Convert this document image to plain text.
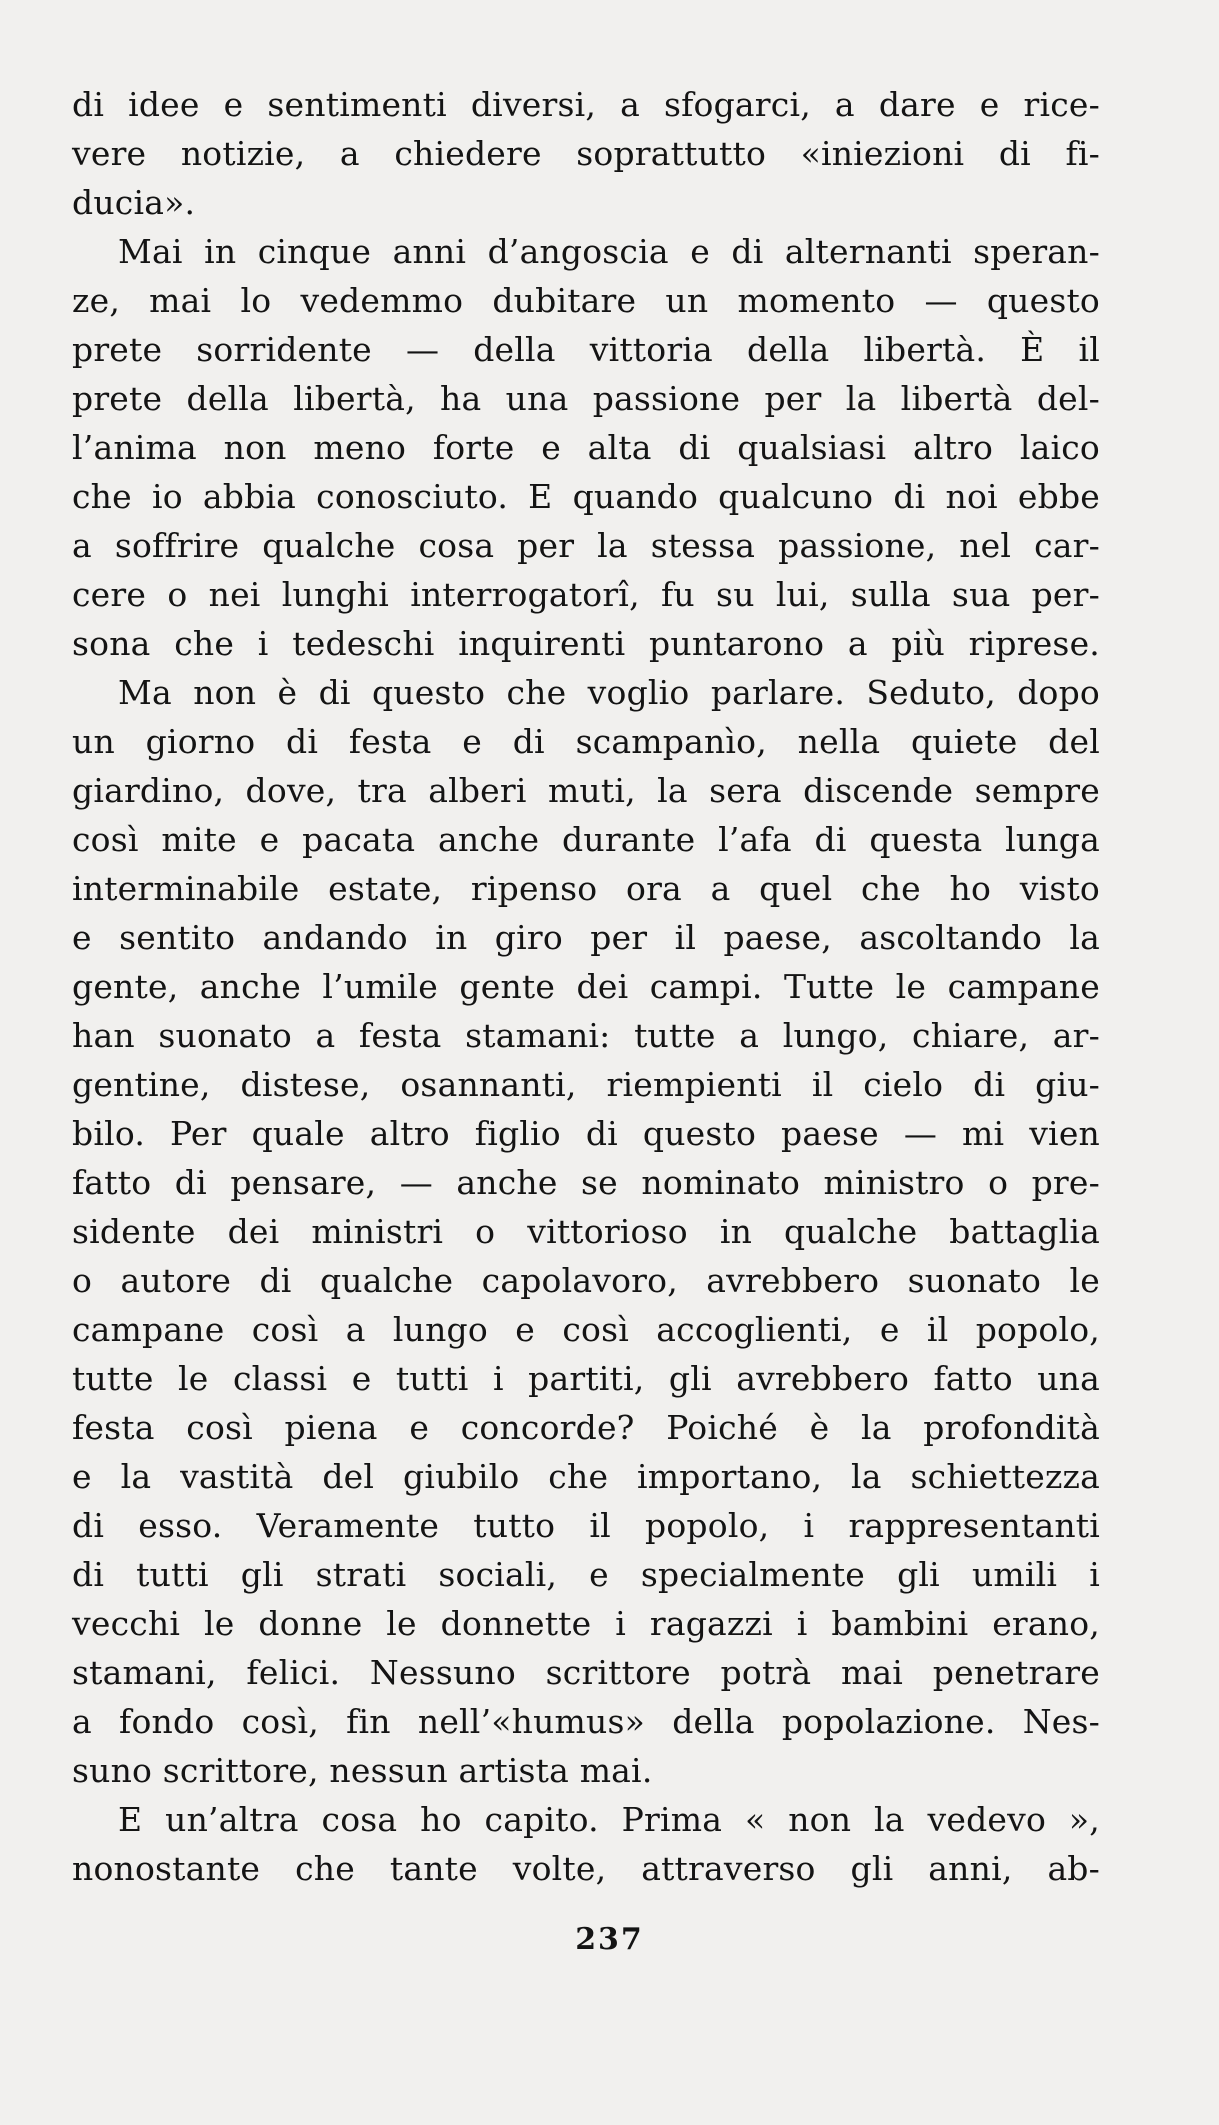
di idee e sentimenti diversi, a sfogarci, a dare e rice-
vere notizie, a chiedere soprattutto «iniezioni di fi-
ducia».
Mai in cinque anni d’angoscia e di alternanti speran-
ze, mai lo vedemmo dubitare un momento — questo
prete sorridente — della vittoria della libertà. È il
prete della libertà, ha una passione per la libertà del-
l’anima non meno forte e alta di qualsiasi altro laico
che io abbia conosciuto. E quando qualcuno di noi ebbe
a soffrire qualche cosa per la stessa passione, nel car-
cere o nei lunghi interrogatorî, fu su lui, sulla sua per-
sona che i tedeschi inquirenti puntarono a più riprese.
Ma non è di questo che voglio parlare. Seduto, dopo
un giorno di festa e di scampanìo, nella quiete del
giardino, dove, tra alberi muti, la sera discende sempre
così mite e pacata anche durante l’afa di questa lunga
interminabile estate, ripenso ora a quel che ho visto
e sentito andando in giro per il paese, ascoltando la
gente, anche l’umile gente dei campi. Tutte le campane
han suonato a festa stamani: tutte a lungo, chiare, ar-
gentine, distese, osannanti, riempienti il cielo di giu-
bilo. Per quale altro figlio di questo paese — mi vien
fatto di pensare, — anche se nominato ministro o pre-
sidente dei ministri o vittorioso in qualche battaglia
o autore di qualche capolavoro, avrebbero suonato le
campane così a lungo e così accoglienti, e il popolo,
tutte le classi e tutti i partiti, gli avrebbero fatto una
festa così piena e concorde? Poiché è la profondità
e la vastità del giubilo che importano, la schiettezza
di esso. Veramente tutto il popolo, i rappresentanti
di tutti gli strati sociali, e specialmente gli umili i
vecchi le donne le donnette i ragazzi i bambini erano,
stamani, felici. Nessuno scrittore potrà mai penetrare
a fondo così, fin nell’«humus» della popolazione. Nes-
suno scrittore, nessun artista mai.
E un’altra cosa ho capito. Prima « non la vedevo »,
nonostante che tante volte, attraverso gli anni, ab-
237
